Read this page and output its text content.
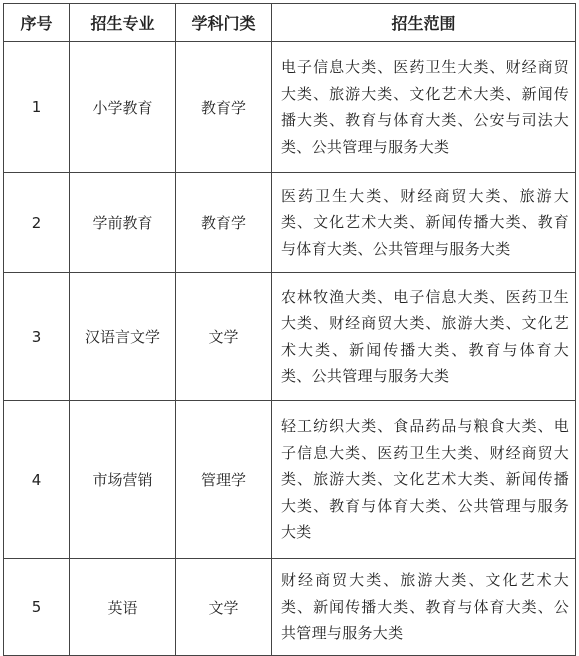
序号	招生专业	学科门类	招生范围
1	小学教育	教育学	电子信息大类、医药卫生大类、财经商贸大类、旅游大类、文化艺术大类、新闻传播大类、教育与体育大类、公安与司法大类、公共管理与服务大类
2	学前教育	教育学	医药卫生大类、财经商贸大类、旅游大类、文化艺术大类、新闻传播大类、教育与体育大类、公共管理与服务大类
3	汉语言文学	文学	农林牧渔大类、电子信息大类、医药卫生大类、财经商贸大类、旅游大类、文化艺术大类、新闻传播大类、教育与体育大类、公共管理与服务大类
4	市场营销	管理学	轻工纺织大类、食品药品与粮食大类、电子信息大类、医药卫生大类、财经商贸大类、旅游大类、文化艺术大类、新闻传播大类、教育与体育大类、公共管理与服务大类
5	英语	文学	财经商贸大类、旅游大类、文化艺术大类、新闻传播大类、教育与体育大类、公共管理与服务大类
